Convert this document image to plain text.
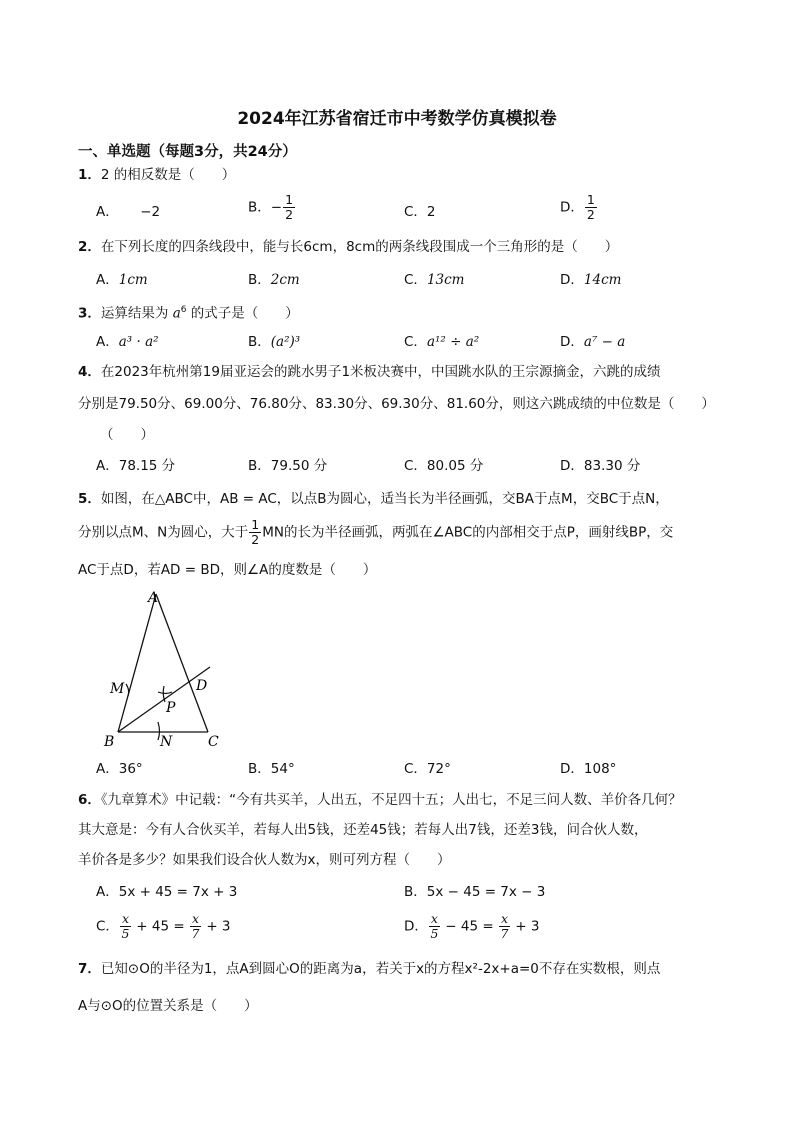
2024年江苏省宿迁市中考数学仿真模拟卷
一、单选题（每题3分，共24分）
1．2 的相反数是（　　）
A． −2	B．− $\frac{1}{2}$	C．2	D． $\frac{1}{2}$
2．在下列长度的四条线段中，能与长6cm，8cm的两条线段围成一个三角形的是（　　）
A．1cm	B．2cm	C．13cm	D．14cm
3．运算结果为 $a^6$ 的式子是（　　）
A．a³ · a²	B．(a²)³	C．a¹² ÷ a²	D．a⁷ − a
4．在2023年杭州第19届亚运会的跳水男子1米板决赛中，中国跳水队的王宗源摘金，六跳的成绩
分别是79.50分、69.00分、76.80分、83.30分、69.30分、81.60分，则这六跳成绩的中位数是（　　）
（　　）
A．78.15 分	B．79.50 分	C．80.05 分	D．83.30 分
5．如图，在△ABC中，AB = AC，以点B为圆心，适当长为半径画弧，交BA于点M，交BC于点N，
分别以点M、N为圆心，大于 $\frac{1}{2}$ MN的长为半径画弧，两弧在∠ABC的内部相交于点P，画射线BP，交
AC于点D，若AD = BD，则∠A的度数是（　　）
A
B	C
D
M
N
P
A．36°	B．54°	C．72°	D．108°
6．《九章算术》中记载：“今有共买羊，人出五，不足四十五；人出七，不足三问人数、羊价各几何？
其大意是：今有人合伙买羊，若每人出5钱，还差45钱；若每人出7钱，还差3钱，问合伙人数，
羊价各是多少？如果我们设合伙人数为x，则可列方程（　　）
A．5x + 45 = 7x + 3	B．5x − 45 = 7x − 3
C． $\frac{x}{5} + 45 = \frac{x}{7} + 3$	D． $\frac{x}{5} - 45 = \frac{x}{7} + 3$
7．已知⊙O的半径为1，点A到圆心O的距离为a，若关于x的方程x²-2x+a=0不存在实数根，则点
A与⊙O的位置关系是（　　）
